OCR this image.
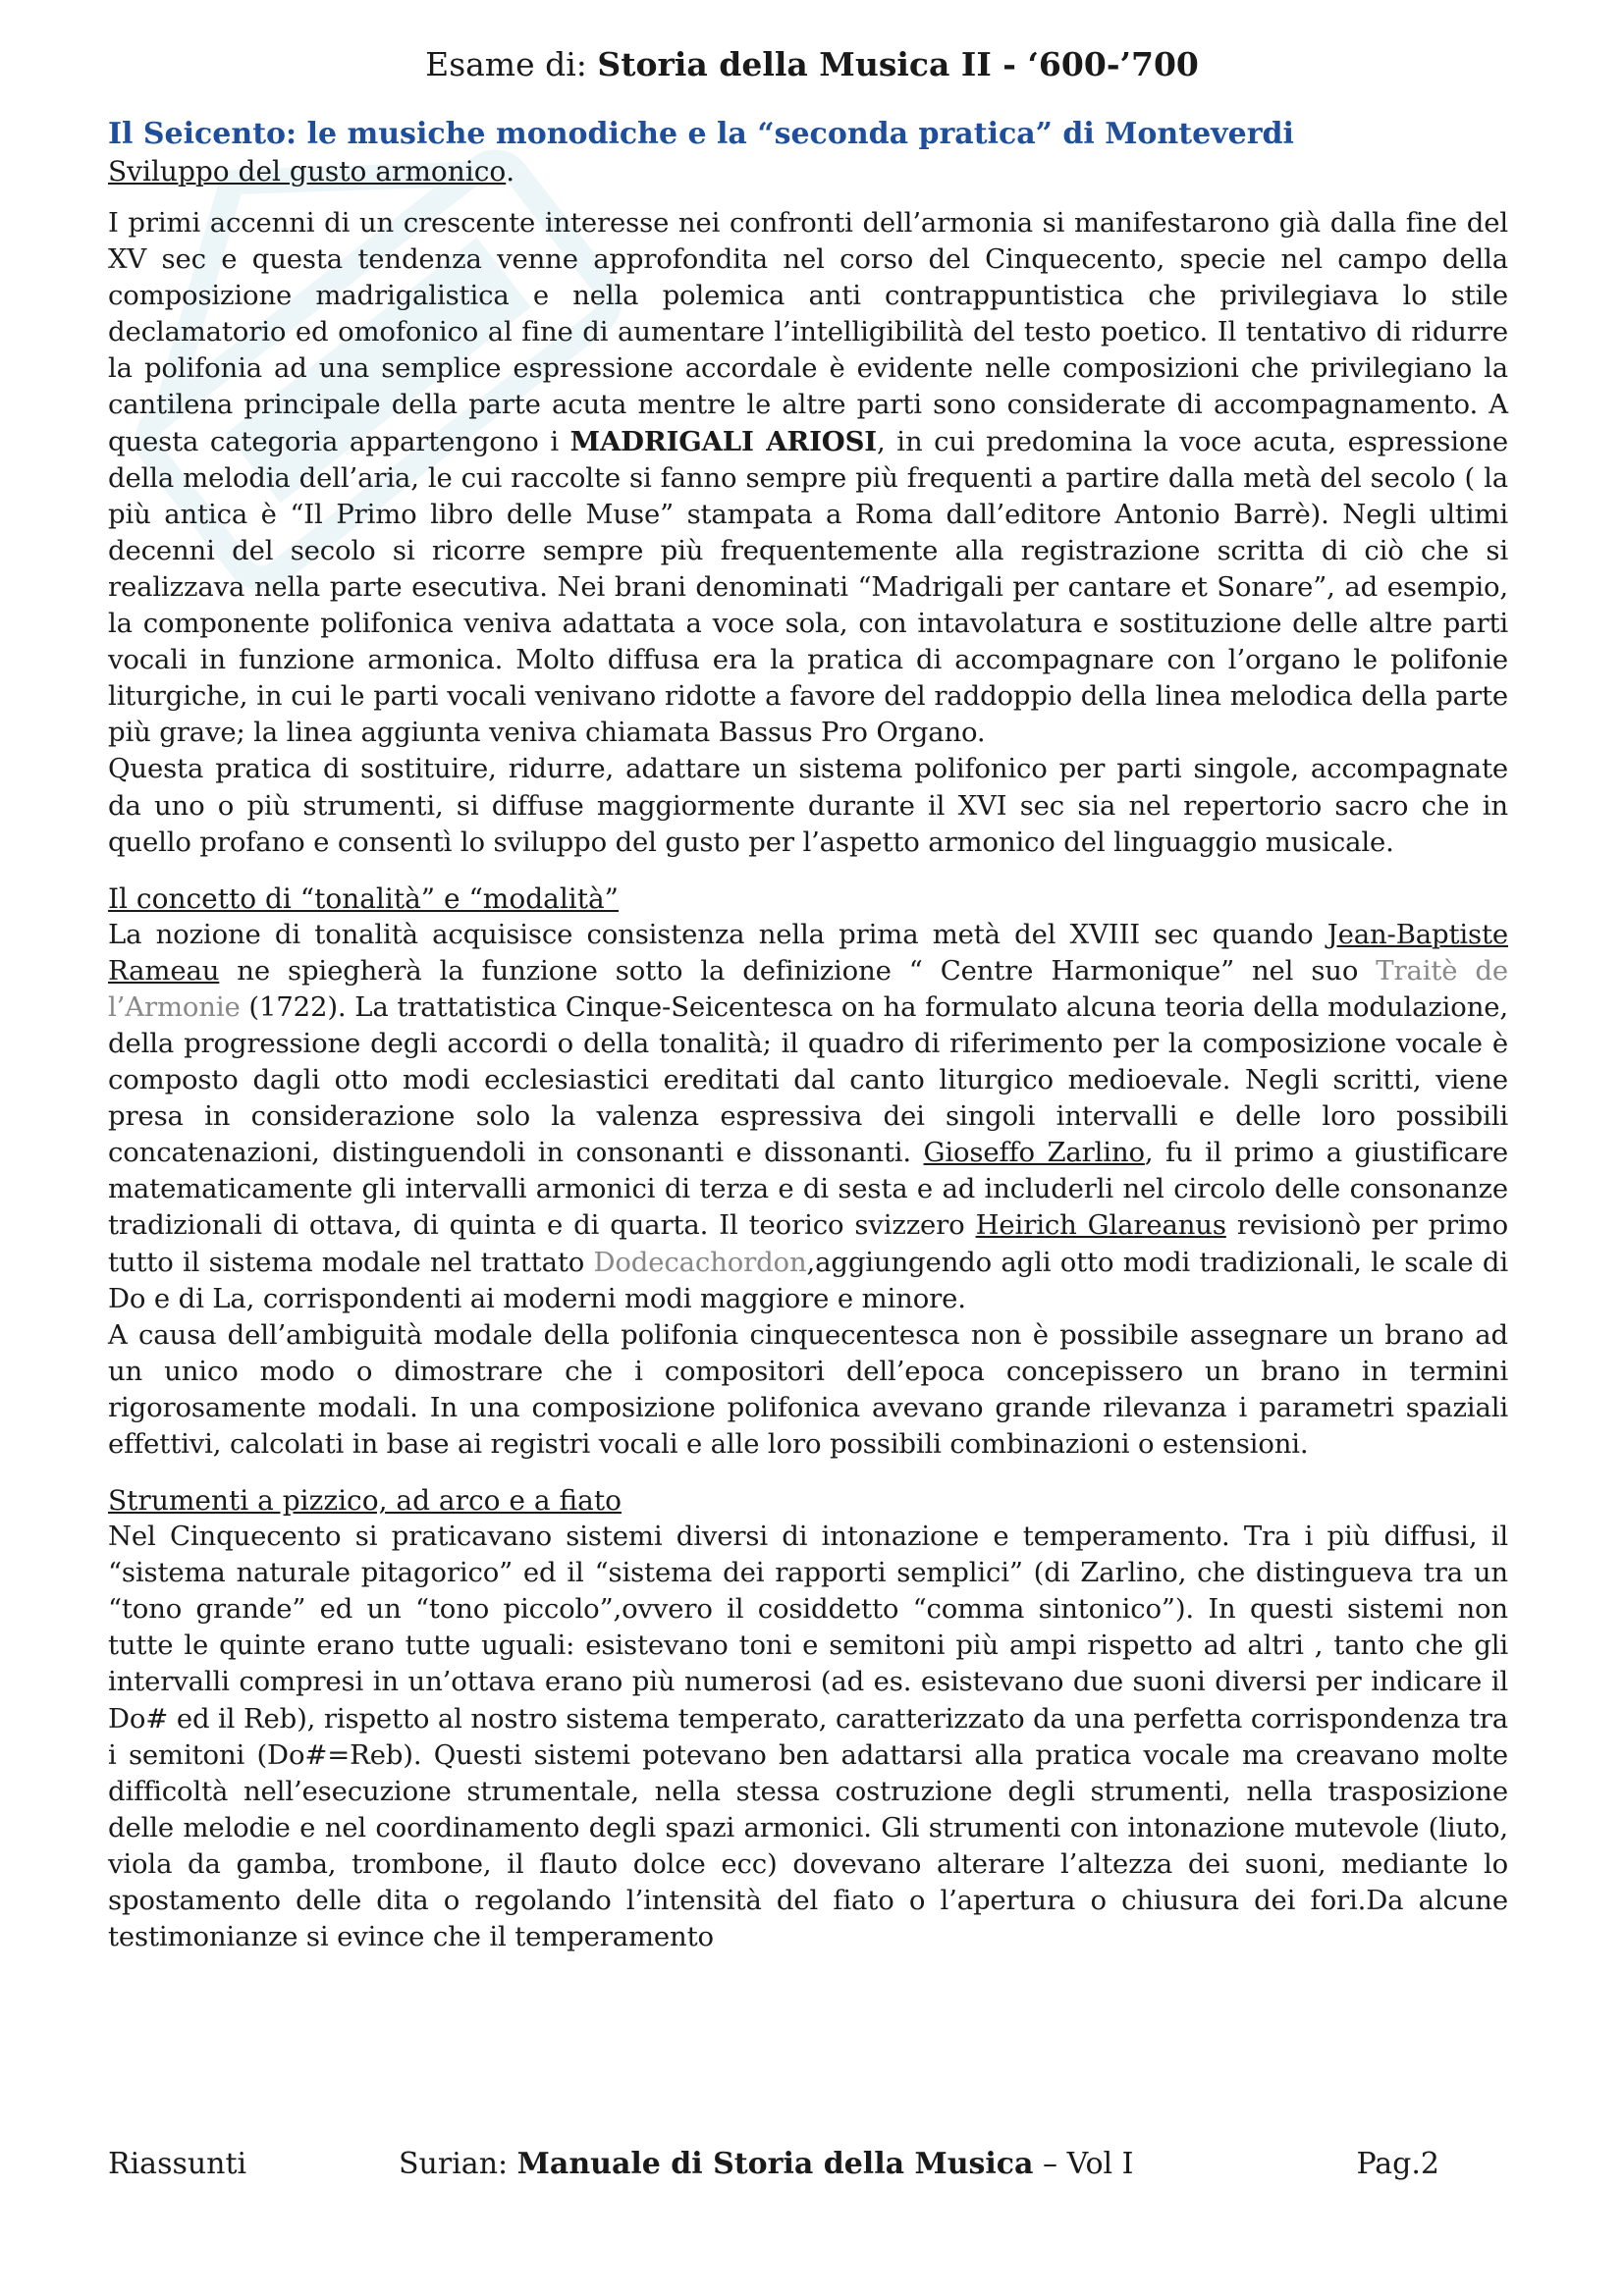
Esame di: Storia della Musica II - ‘600-’700
Il Seicento: le musiche monodiche e la “seconda pratica” di Monteverdi
Sviluppo del gusto armonico.

I primi accenni di un crescente interesse nei confronti dell’armonia si manifestarono già dalla fine del XV sec e questa tendenza venne approfondita nel corso del Cinquecento, specie nel campo della composizione madrigalistica e nella polemica anti contrappuntistica che privilegiava lo stile declamatorio ed omofonico al fine di aumentare l’intelligibilità del testo poetico. Il tentativo di ridurre la polifonia ad una semplice espressione accordale è evidente nelle composizioni che privilegiano la cantilena principale della parte acuta mentre le altre parti sono considerate di accompagnamento. A questa categoria appartengono i MADRIGALI ARIOSI, in cui predomina la voce acuta, espressione della melodia dell’aria, le cui raccolte si fanno sempre più frequenti a partire dalla metà del secolo ( la più antica è “Il Primo libro delle Muse” stampata a Roma dall’editore Antonio Barrè). Negli ultimi decenni del secolo si ricorre sempre più frequentemente alla registrazione scritta di ciò che si realizzava nella parte esecutiva. Nei brani denominati “Madrigali per cantare et Sonare”, ad esempio, la componente polifonica veniva adattata a voce sola, con intavolatura e sostituzione delle altre parti vocali in funzione armonica. Molto diffusa era la pratica di accompagnare con l’organo le polifonie liturgiche, in cui le parti vocali venivano ridotte a favore del raddoppio della linea melodica della parte più grave; la linea aggiunta veniva chiamata Bassus Pro Organo.

Questa pratica di sostituire, ridurre, adattare un sistema polifonico per parti singole, accompagnate da uno o più strumenti, si diffuse maggiormente durante il XVI sec sia nel repertorio sacro che in quello profano e consentì lo sviluppo del gusto per l’aspetto armonico del linguaggio musicale.

Il concetto di “tonalità” e “modalità”

La nozione di tonalità acquisisce consistenza nella prima metà del XVIII sec quando Jean-Baptiste Rameau ne spiegherà la funzione sotto la definizione “ Centre Harmonique” nel suo Traitè de l’Armonie (1722). La trattatistica Cinque-Seicentesca on ha formulato alcuna teoria della modulazione, della progressione degli accordi o della tonalità; il quadro di riferimento per la composizione vocale è composto dagli otto modi ecclesiastici ereditati dal canto liturgico medioevale. Negli scritti, viene presa in considerazione solo la valenza espressiva dei singoli intervalli e delle loro possibili concatenazioni, distinguendoli in consonanti e dissonanti. Gioseffo Zarlino, fu il primo a giustificare matematicamente gli intervalli armonici di terza e di sesta e ad includerli nel circolo delle consonanze tradizionali di ottava, di quinta e di quarta. Il teorico svizzero Heirich Glareanus revisionò per primo tutto il sistema modale nel trattato Dodecachordon,aggiungendo agli otto modi tradizionali, le scale di Do e di La, corrispondenti ai moderni modi maggiore e minore.

A causa dell’ambiguità modale della polifonia cinquecentesca non è possibile assegnare un brano ad un unico modo o dimostrare che i compositori dell’epoca concepissero un brano in termini rigorosamente modali. In una composizione polifonica avevano grande rilevanza i parametri spaziali effettivi, calcolati in base ai registri vocali e alle loro possibili combinazioni o estensioni.

Strumenti a pizzico, ad arco e a fiato

Nel Cinquecento si praticavano sistemi diversi di intonazione e temperamento. Tra i più diffusi, il “sistema naturale pitagorico” ed il “sistema dei rapporti semplici” (di Zarlino, che distingueva tra un “tono grande” ed un “tono piccolo”,ovvero il cosiddetto “comma sintonico”). In questi sistemi non tutte le quinte erano tutte uguali: esistevano toni e semitoni più ampi rispetto ad altri , tanto che gli intervalli compresi in un’ottava erano più numerosi (ad es. esistevano due suoni diversi per indicare il Do# ed il Reb), rispetto al nostro sistema temperato, caratterizzato da una perfetta corrispondenza tra i semitoni (Do#=Reb). Questi sistemi potevano ben adattarsi alla pratica vocale ma creavano molte difficoltà nell’esecuzione strumentale, nella stessa costruzione degli strumenti, nella trasposizione delle melodie e nel coordinamento degli spazi armonici. Gli strumenti con intonazione mutevole (liuto, viola da gamba, trombone, il flauto dolce ecc) dovevano alterare l’altezza dei suoni, mediante lo spostamento delle dita o regolando l’intensità del fiato o l’apertura o chiusura dei fori.Da alcune testimonianze si evince che il temperamento

Riassunti	Surian: Manuale di Storia della Musica – Vol I	Pag.2
